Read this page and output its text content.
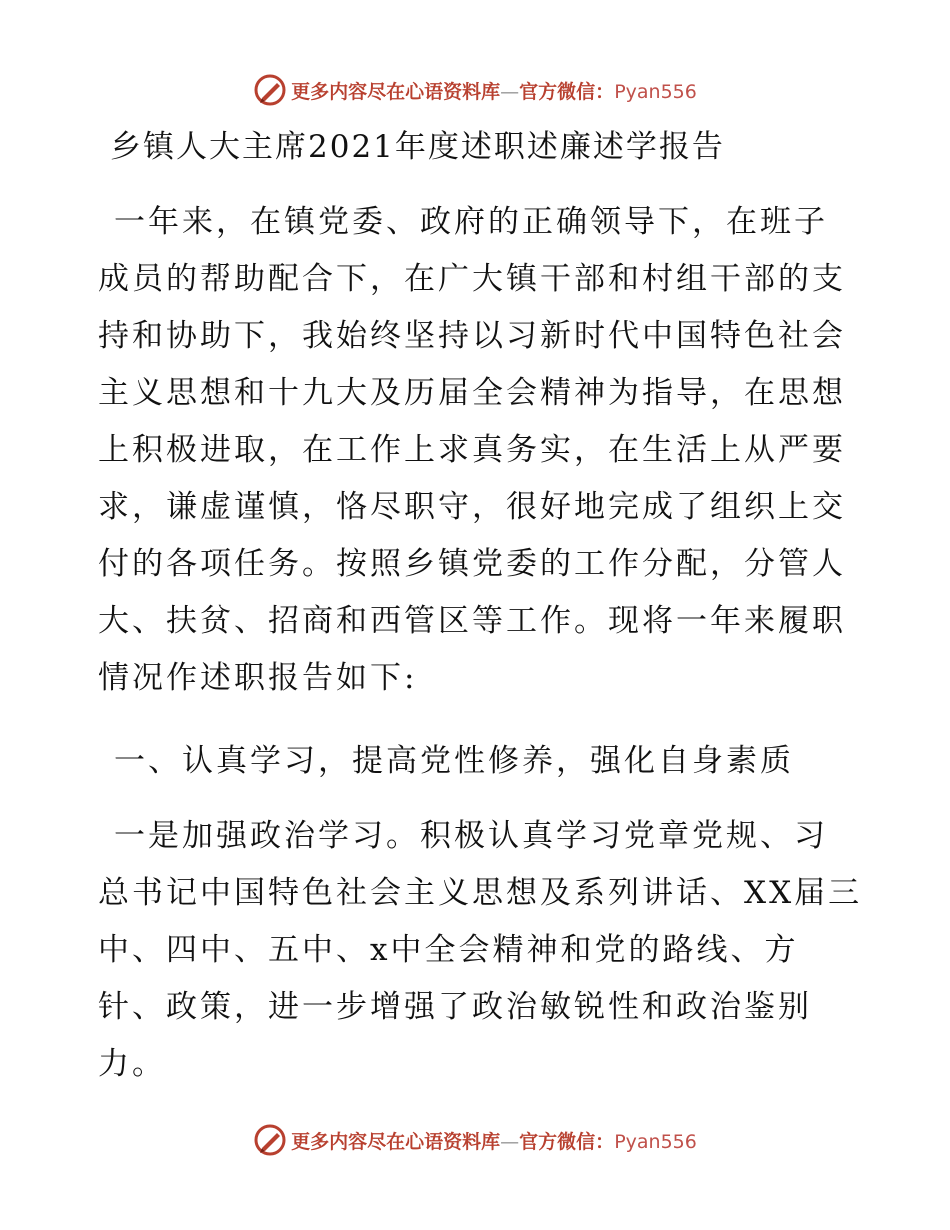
更多内容尽在心语资料库—官方微信：Pyan556
乡镇人大主席2021年度述职述廉述学报告
一年来，在镇党委、政府的正确领导下，在班子
成员的帮助配合下，在广大镇干部和村组干部的支
持和协助下，我始终坚持以习新时代中国特色社会
主义思想和十九大及历届全会精神为指导，在思想
上积极进取，在工作上求真务实，在生活上从严要
求，谦虚谨慎，恪尽职守，很好地完成了组织上交
付的各项任务。按照乡镇党委的工作分配，分管人
大、扶贫、招商和西管区等工作。现将一年来履职
情况作述职报告如下:
一、认真学习，提高党性修养，强化自身素质
一是加强政治学习。积极认真学习党章党规、习
总书记中国特色社会主义思想及系列讲话、XX届三
中、四中、五中、x中全会精神和党的路线、方
针、政策，进一步增强了政治敏锐性和政治鉴别
力。
更多内容尽在心语资料库—官方微信：Pyan556
